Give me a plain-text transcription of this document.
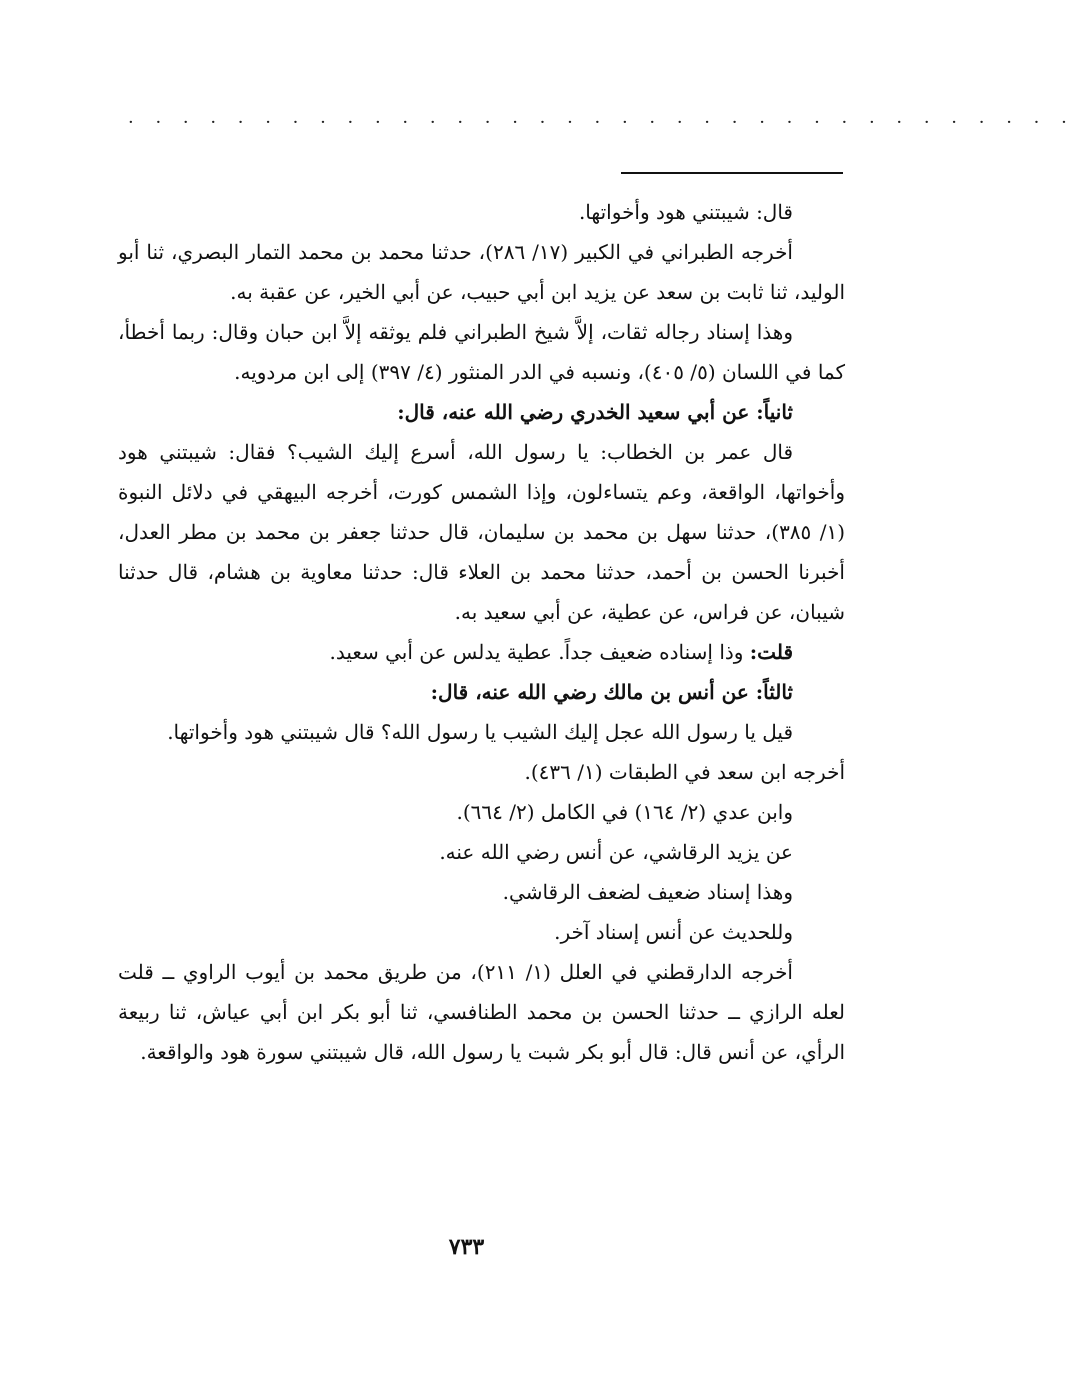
· · · · · · · · · · · · · · · · · · · · · · · · · · · · · · · · · · ·

قال: شيبتني هود وأخواتها.

أخرجه الطبراني في الكبير (١٧/ ٢٨٦)، حدثنا محمد بن محمد التمار البصري، ثنا أبو الوليد، ثنا ثابت بن سعد عن يزيد ابن أبي حبيب، عن أبي الخير، عن عقبة به.

وهذا إسناد رجاله ثقات، إلاَّ شيخ الطبراني فلم يوثقه إلاَّ ابن حبان وقال: ربما أخطأ، كما في اللسان (٥/ ٤٠٥)، ونسبه في الدر المنثور (٤/ ٣٩٧) إلى ابن مردويه.

ثانياً: عن أبي سعيد الخدري رضي الله عنه، قال:

قال عمر بن الخطاب: يا رسول الله، أسرع إليك الشيب؟ فقال: شيبتني هود وأخواتها، الواقعة، وعم يتساءلون، وإذا الشمس كورت، أخرجه البيهقي في دلائل النبوة (١/ ٣٨٥)، حدثنا سهل بن محمد بن سليمان، قال حدثنا جعفر بن محمد بن مطر العدل، أخبرنا الحسن بن أحمد، حدثنا محمد بن العلاء قال: حدثنا معاوية بن هشام، قال حدثنا شيبان، عن فراس، عن عطية، عن أبي سعيد به.

قلت: وذا إسناده ضعيف جداً. عطية يدلس عن أبي سعيد.

ثالثاً: عن أنس بن مالك رضي الله عنه، قال:

قيل يا رسول الله عجل إليك الشيب يا رسول الله؟ قال شيبتني هود وأخواتها.

أخرجه ابن سعد في الطبقات (١/ ٤٣٦).

وابن عدي (٢/ ١٦٤) في الكامل (٢/ ٦٦٤).

عن يزيد الرقاشي، عن أنس رضي الله عنه.

وهذا إسناد ضعيف لضعف الرقاشي.

وللحديث عن أنس إسناد آخر.

أخرجه الدارقطني في العلل (١/ ٢١١)، من طريق محمد بن أيوب الراوي ــ قلت لعله الرازي ــ حدثنا الحسن بن محمد الطنافسي، ثنا أبو بكر ابن أبي عياش، ثنا ربيعة الرأي، عن أنس قال: قال أبو بكر شبت يا رسول الله، قال شيبتني سورة هود والواقعة.

٧٣٣
